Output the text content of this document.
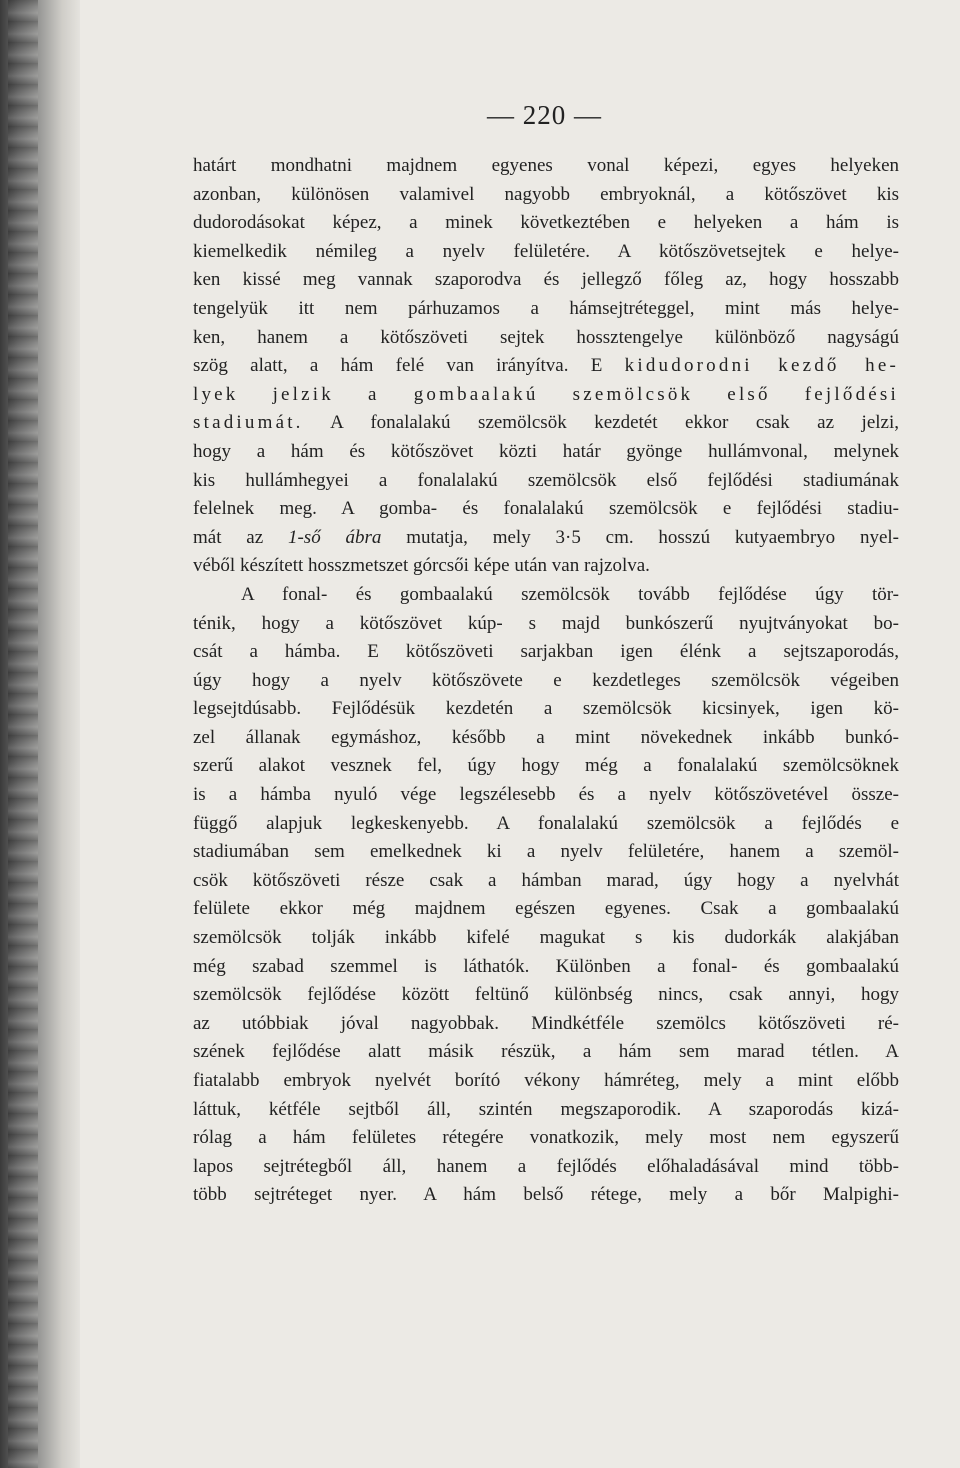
— 220 —
határt mondhatni majdnem egyenes vonal képezi, egyes helyeken
azonban, különösen valamivel nagyobb embryoknál, a kötőszövet kis
dudorodásokat képez, a minek következtében e helyeken a hám is
kiemelkedik némileg a nyelv felületére. A kötőszövetsejtek e helye-
ken kissé meg vannak szaporodva és jellegző főleg az, hogy hosszabb
tengelyük itt nem párhuzamos a hámsejtréteggel, mint más helye-
ken, hanem a kötőszöveti sejtek hossztengelye különböző nagyságú
szög alatt, a hám felé van irányítva. E kidudorodni kezdő he-
lyek jelzik a gombaalakú szemölcsök első fejlődési
stadiumát. A fonalalakú szemölcsök kezdetét ekkor csak az jelzi,
hogy a hám és kötőszövet közti határ gyönge hullámvonal, melynek
kis hullámhegyei a fonalalakú szemölcsök első fejlődési stadiumának
felelnek meg. A gomba- és fonalalakú szemölcsök e fejlődési stadiu-
mát az 1-ső ábra mutatja, mely 3·5 cm. hosszú kutyaembryo nyel-
véből készített hosszmetszet górcsői képe után van rajzolva.
A fonal- és gombaalakú szemölcsök tovább fejlődése úgy tör-
ténik, hogy a kötőszövet kúp- s majd bunkószerű nyujtványokat bo-
csát a hámba. E kötőszöveti sarjakban igen élénk a sejtszaporodás,
úgy hogy a nyelv kötőszövete e kezdetleges szemölcsök végeiben
legsejtdúsabb. Fejlődésük kezdetén a szemölcsök kicsinyek, igen kö-
zel állanak egymáshoz, később a mint növekednek inkább bunkó-
szerű alakot vesznek fel, úgy hogy még a fonalalakú szemölcsöknek
is a hámba nyuló vége legszélesebb és a nyelv kötőszövetével össze-
függő alapjuk legkeskenyebb. A fonalalakú szemölcsök a fejlődés e
stadiumában sem emelkednek ki a nyelv felületére, hanem a szemöl-
csök kötőszöveti része csak a hámban marad, úgy hogy a nyelvhát
felülete ekkor még majdnem egészen egyenes. Csak a gombaalakú
szemölcsök tolják inkább kifelé magukat s kis dudorkák alakjában
még szabad szemmel is láthatók. Különben a fonal- és gombaalakú
szemölcsök fejlődése között feltünő különbség nincs, csak annyi, hogy
az utóbbiak jóval nagyobbak. Mindkétféle szemölcs kötőszöveti ré-
szének fejlődése alatt másik részük, a hám sem marad tétlen. A
fiatalabb embryok nyelvét borító vékony hámréteg, mely a mint előbb
láttuk, kétféle sejtből áll, szintén megszaporodik. A szaporodás kizá-
rólag a hám felületes rétegére vonatkozik, mely most nem egyszerű
lapos sejtrétegből áll, hanem a fejlődés előhaladásával mind több-
több sejtréteget nyer. A hám belső rétege, mely a bőr Malpighi-
